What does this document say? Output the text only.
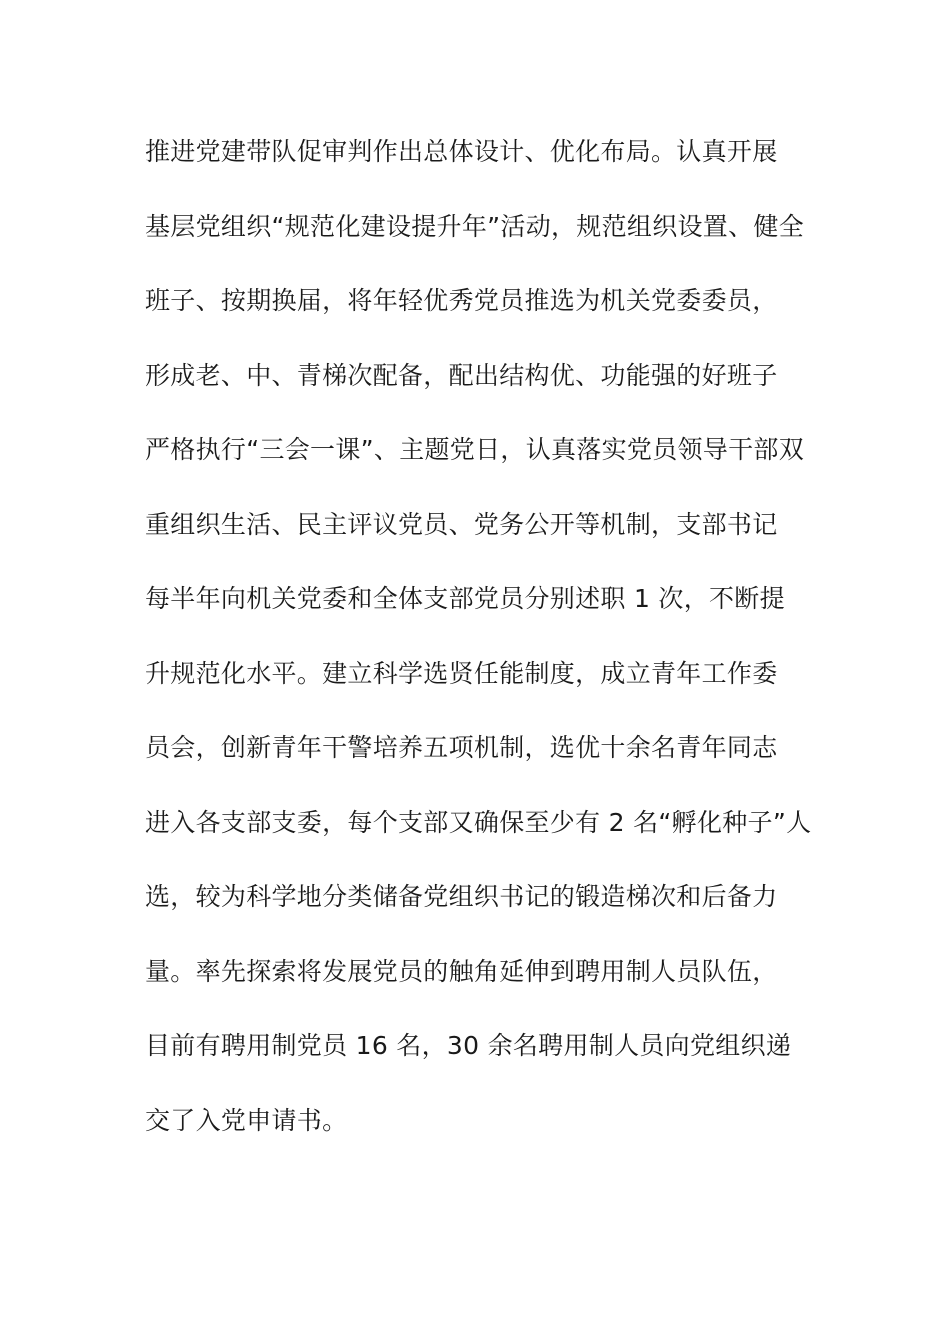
推进党建带队促审判作出总体设计、优化布局。认真开展
基层党组织“规范化建设提升年”活动，规范组织设置、健全
班子、按期换届，将年轻优秀党员推选为机关党委委员，
形成老、中、青梯次配备，配出结构优、功能强的好班子
严格执行“三会一课”、主题党日，认真落实党员领导干部双
重组织生活、民主评议党员、党务公开等机制，支部书记
每半年向机关党委和全体支部党员分别述职 1 次，不断提
升规范化水平。建立科学选贤任能制度，成立青年工作委
员会，创新青年干警培养五项机制，选优十余名青年同志
进入各支部支委，每个支部又确保至少有 2 名“孵化种子”人
选，较为科学地分类储备党组织书记的锻造梯次和后备力
量。率先探索将发展党员的触角延伸到聘用制人员队伍，
目前有聘用制党员 16 名，30 余名聘用制人员向党组织递
交了入党申请书。
